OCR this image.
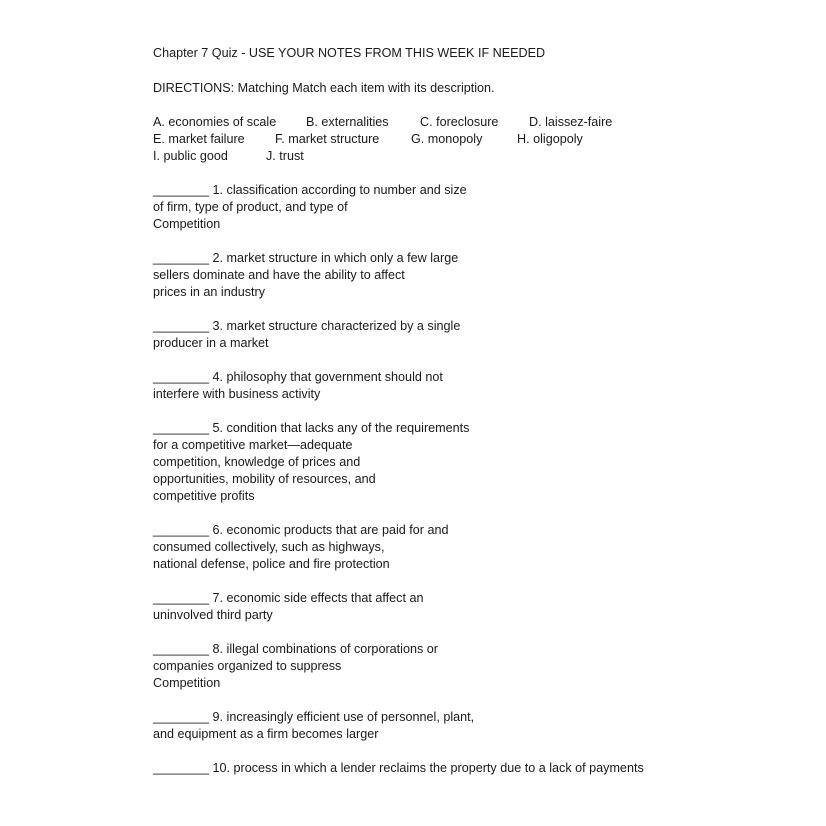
Chapter 7 Quiz - USE YOUR NOTES FROM THIS WEEK IF NEEDED
DIRECTIONS: Matching Match each item with its description.
A. economies of scale B. externalities C. foreclosure D. laissez-faire
E. market failure F. market structure	G. monopoly	H. oligopoly
I. public good	J. trust
________ 1. classification according to number and size
of firm, type of product, and type of
Competition
________ 2. market structure in which only a few large
sellers dominate and have the ability to affect
prices in an industry
________ 3. market structure characterized by a single
producer in a market
________ 4. philosophy that government should not
interfere with business activity
________ 5. condition that lacks any of the requirements
for a competitive market—adequate
competition, knowledge of prices and
opportunities, mobility of resources, and
competitive profits
________ 6. economic products that are paid for and
consumed collectively, such as highways,
national defense, police and fire protection
________ 7. economic side effects that affect an
uninvolved third party
________ 8. illegal combinations of corporations or
companies organized to suppress
Competition
________ 9. increasingly efficient use of personnel, plant,
and equipment as a firm becomes larger
________ 10. process in which a lender reclaims the property due to a lack of payments
